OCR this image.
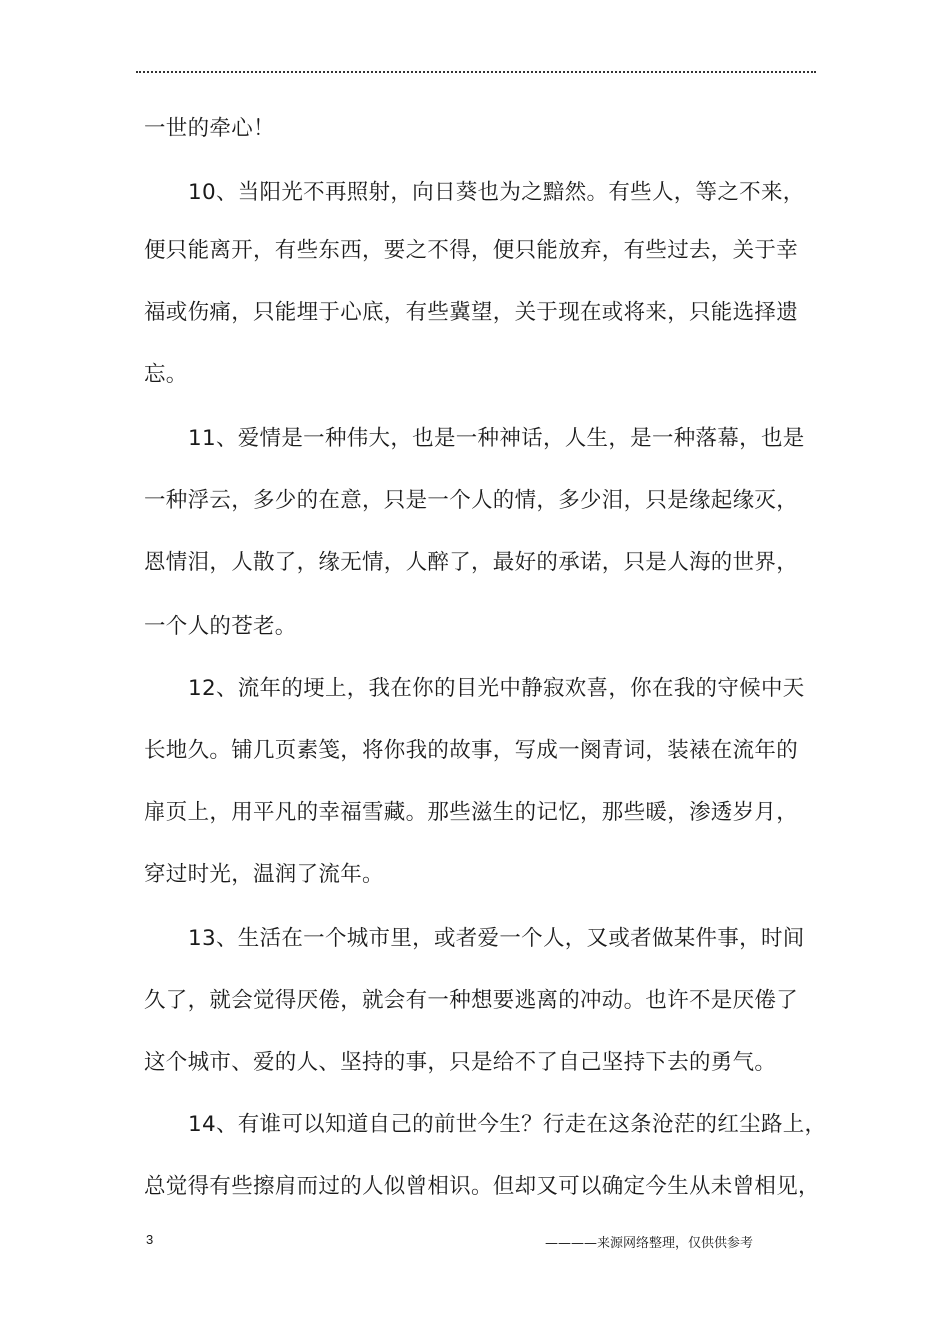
一世的牵心！
10、当阳光不再照射，向日葵也为之黯然。有些人，等之不来，
便只能离开，有些东西，要之不得，便只能放弃，有些过去，关于幸
福或伤痛，只能埋于心底，有些冀望，关于现在或将来，只能选择遗
忘。
11、爱情是一种伟大，也是一种神话，人生，是一种落幕，也是
一种浮云，多少的在意，只是一个人的情，多少泪，只是缘起缘灭，
恩情泪，人散了，缘无情，人醉了，最好的承诺，只是人海的世界，
一个人的苍老。
12、流年的埂上，我在你的目光中静寂欢喜，你在我的守候中天
长地久。铺几页素笺，将你我的故事，写成一阕青词，装裱在流年的
扉页上，用平凡的幸福雪藏。那些滋生的记忆，那些暖，渗透岁月，
穿过时光，温润了流年。
13、生活在一个城市里，或者爱一个人，又或者做某件事，时间
久了，就会觉得厌倦，就会有一种想要逃离的冲动。也许不是厌倦了
这个城市、爱的人、坚持的事，只是给不了自己坚持下去的勇气。
14、有谁可以知道自己的前世今生？行走在这条沧茫的红尘路上，
总觉得有些擦肩而过的人似曾相识。但却又可以确定今生从未曾相见，
3	————来源网络整理，仅供供参考
